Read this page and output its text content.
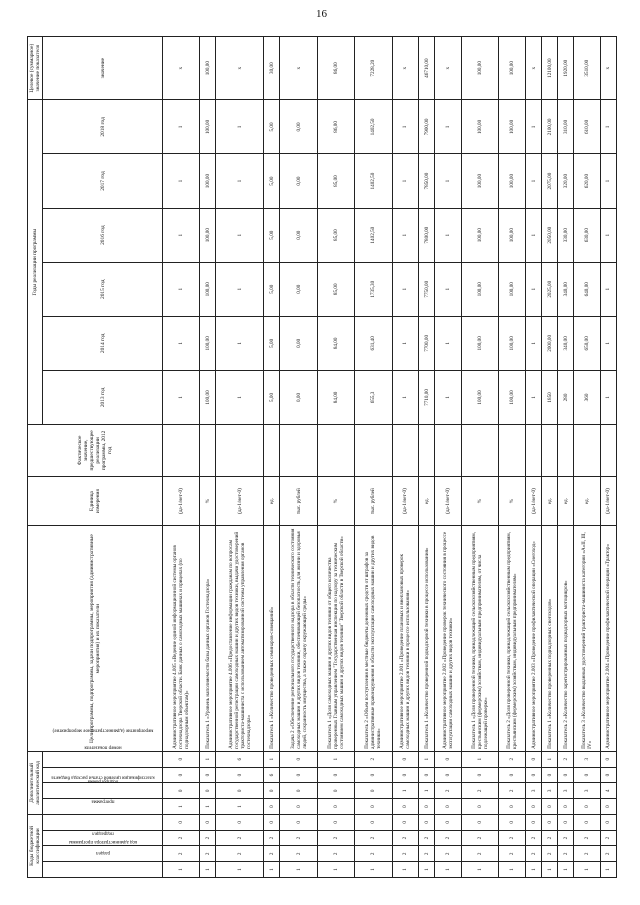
16
Коды бюджетной классификации				Дополнительный аналитический код				Цели программы, подпрограммы, задачи подпрограммы, мероприятия (административные мероприятия) и их показатели	Единица измерения	Фактическое значение, предшествующее реализации программы, 2012 год	Годы реализации программы						Целевое (суммарное) значение показателя
код администратора программы	раздел	подраздел	классификация целевой статьи расхода бюджета	программа	подпрограмма	мероприятие (административное мероприятие)	номер показателя				2013 год	2014 год	2015 год	2016 год	2017 год	2018 год	значение
1	2	2	0	1	0	0	0	Административное мероприятие 4.005 «Ведение единой информационной системы органов гостехнадзора Тверской области. Банк данных о самоходных машинах и прицепах (по поднадзорным объектам)»	(да-1/нет-0)		1	1	1	1	1	1	х
1	2	2	0	1	0	0	1	Показатель 1 «Уровень наполняемости базы данных органов Гостехнадзора»	%		100,00	100,00	100,00	100,00	100,00	100,00	100,00
1	2	2	0	1	0	0	6	Административное мероприятие 4.006 «Предоставление информации гражданам по вопросам государственной регистрации самоходных машин и других видов техники, выдачи удостоверений тракториста-машиниста с использованием автоматизированной системы управления органов гостехнадзора»	(да-1/нет-0)		1	1	1	1	1	1	х
1	2	2	0	0	0	6	1	Показатель 1 «Количество проведенных семинаров-совещаний»	ед.		5,00	5,00	5,00	5,00	5,00	5,00	30,00
1	2	2	0	0	0	0	0	Задача 2 «Обеспечение регионального государственного надзора в области технического состояния самоходных машин и других видов техники, обеспечивающей безопасность для жизни и здоровья людей, сохранность имущества, а также охрану окружающей среды»	тыс. рублей		0,00	0,00	0,00	0,00	0,00	0,00	х
1	2	2	0	0	0	0	1	Показатель 1 «Доля самоходных машин и других видов техники от общего количества проверенных Главным управлением "Государственная инспекция по надзору за техническим состоянием самоходных машин и других видов техники" Тверской области в Тверской области»	%		84,00	84,00	85,00	85,00	85,00	86,00	86,00
1	2	2	0	0	0	0	2	Показатель 2 «Объем поступления в местные бюджеты денежных средств от штрафов за административные правонарушения в области эксплуатации самоходных машин и других видов техники»	тыс. рублей		655,3	631,40	1735,30	1402,50	1402,50	1402,50	7228,20
1	2	2	0	0	1	0	0	Административное мероприятие 2.001 «Проведение плановых и внеплановых проверок самоходных машин и других видов техники в процессе использования»	(да-1/нет-0)		1	1	1	1	1	1	х
1	2	2	0	0	1	0	1	Показатель 1 «Количество проверенной поднадзорной техники в процессе использования»	ед.		7710,00	7700,00	7750,00	7800,00	7850,00	7900,00	46710,00
1	2	2	0	0	2	0	0	Административное мероприятие 2.002 «Проведение проверок технического состояния в процессе эксплуатации самоходных машин и других видов техники»	(да-1/нет-0)		1	1	1	1	1	1	х
1	2	2	0	0	2	0	1	Показатель 1 «Доля проверенной техники, принадлежащей сельскохозяйственным предприятиям, крестьянским (фермерским) хозяйствам, индивидуальным предпринимателям, от числа подлежащей проверке»	%		100,00	100,00	100,00	100,00	100,00	100,00	100,00
1	2	2	0	0	2	0	2	Показатель 2 «Доля проверенной техники, принадлежащей сельскохозяйственным предприятиям, крестьянским (фермерским) хозяйствам, индивидуальным предпринимателям»	%		100,00	100,00	100,00	100,00	100,00	100,00	100,00
1	2	2	0	0	3	0	0	Административное мероприятие 2.003 «Проведение профилактической операции «Снегоход»	(да-1/нет-0)		1	1	1	1	1	1	х
1	2	2	0	0	3	0	1	Показатель 1 «Количество проверенных поднадзорных снегоходов»	ед.		1850	2000,00	2025,00	2050,00	2075,00	2100,00	12100,00
1	2	2	0	0	3	0	2	Показатель 2 «Количество зарегистрированных поднадзорных мотоцикров»	ед.		280	340,00	340,00	330,00	320,00	310,00	1920,00
1	2	2	0	0	3	0	3	Показатель 3 «Количество выданных удостоверений тракториста-машиниста категории «А»II, III, IV»	ед.		360	650,00	640,00	630,00	620,00	610,00	3510,00
1	2	2	0	0	4	0	0	Административное мероприятие 2.004 «Проведение профилактической операции «Трактор»	(да-1/нет-0)		1	1	1	1	1	1	х
